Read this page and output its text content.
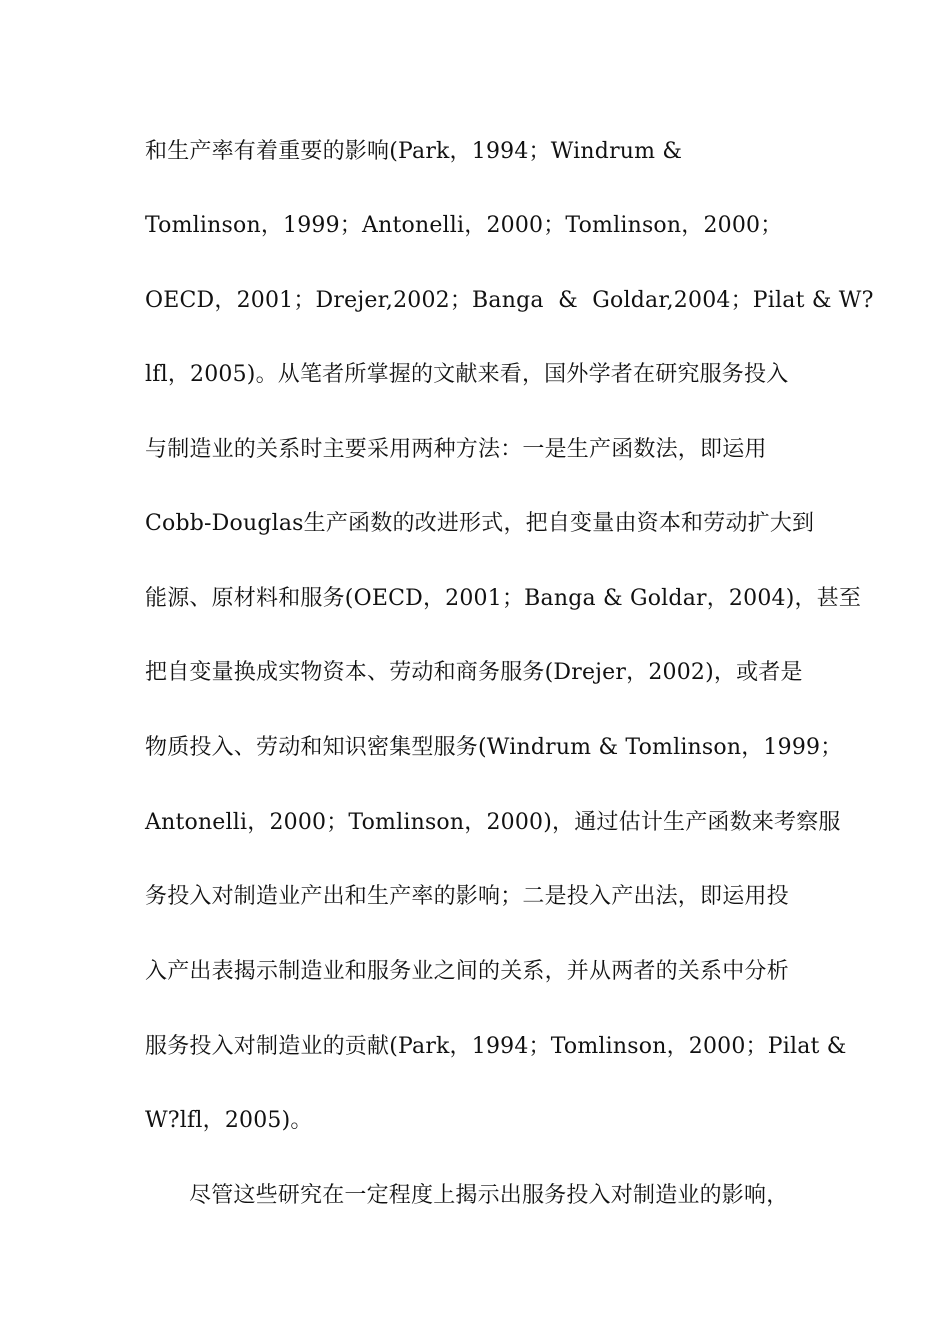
和生产率有着重要的影响(Park，1994；Windrum &
Tomlinson，1999；Antonelli，2000；Tomlinson，2000；
OECD，2001；Drejer,2002；Banga  &  Goldar,2004；Pilat & W?
lfl，2005)。从笔者所掌握的文献来看，国外学者在研究服务投入
与制造业的关系时主要采用两种方法：一是生产函数法，即运用
Cobb-Douglas生产函数的改进形式，把自变量由资本和劳动扩大到
能源、原材料和服务(OECD，2001；Banga & Goldar，2004)，甚至
把自变量换成实物资本、劳动和商务服务(Drejer，2002)，或者是
物质投入、劳动和知识密集型服务(Windrum & Tomlinson，1999；
Antonelli，2000；Tomlinson，2000)，通过估计生产函数来考察服
务投入对制造业产出和生产率的影响；二是投入产出法，即运用投
入产出表揭示制造业和服务业之间的关系，并从两者的关系中分析
服务投入对制造业的贡献(Park，1994；Tomlinson，2000；Pilat &
W?lfl，2005)。
尽管这些研究在一定程度上揭示出服务投入对制造业的影响，
